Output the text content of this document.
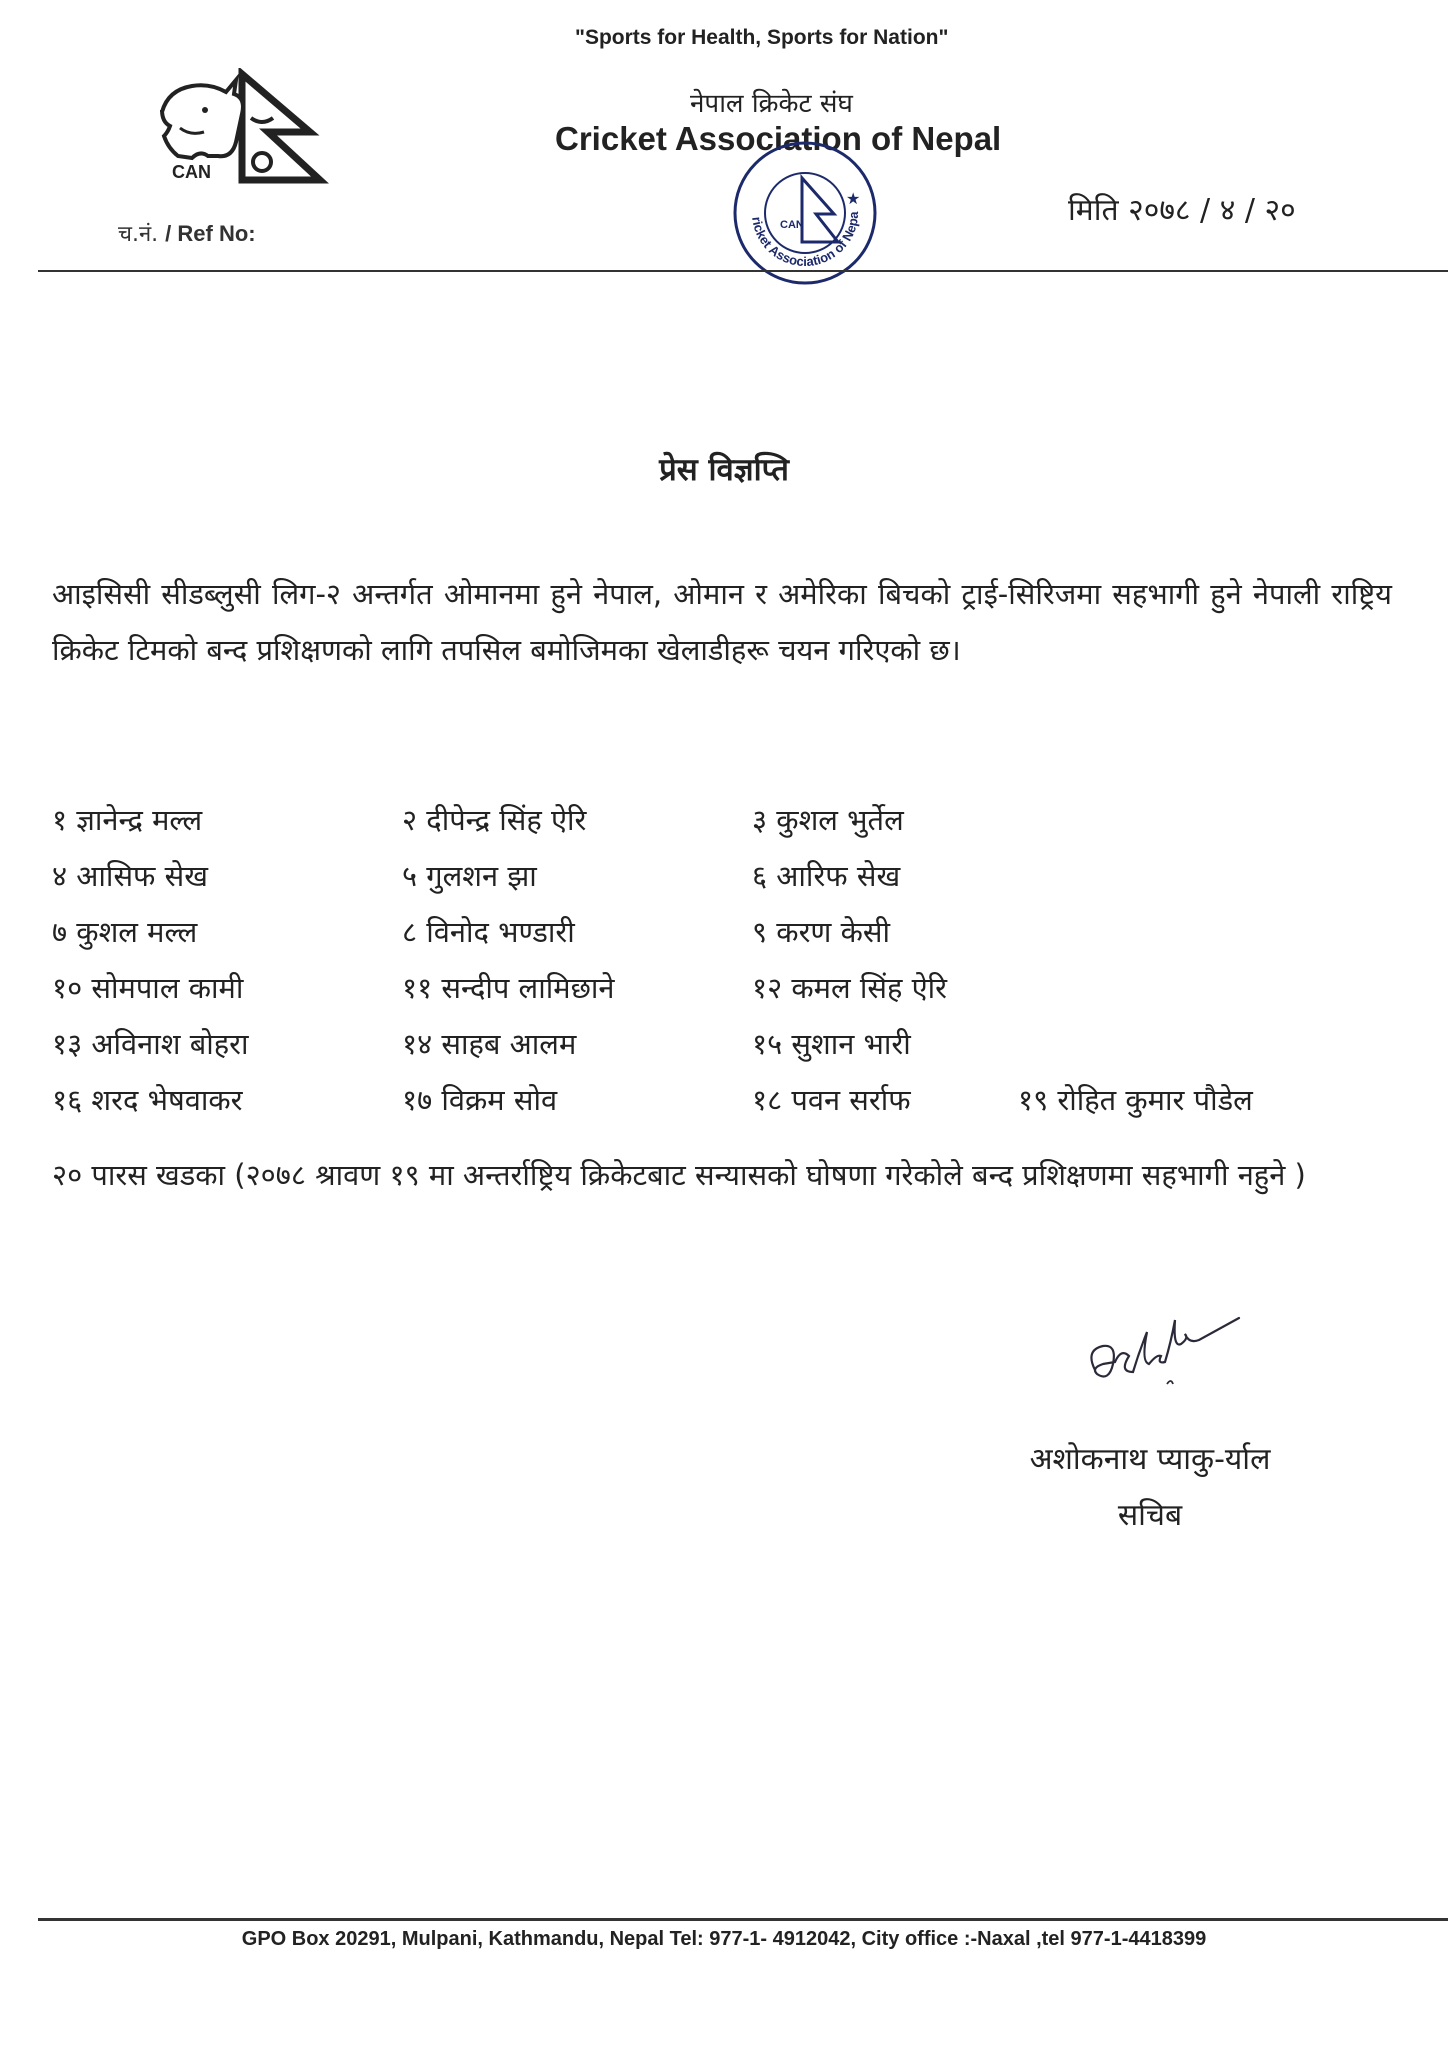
"Sports for Health, Sports for Nation"
CAN
नेपाल क्रिकेट संघ
Cricket Association of Nepal
ricket Association of Nepa
CAN
★
च.नं. / Ref No:
मिति २०७८ / ४ / २०
प्रेस विज्ञप्ति
आइसिसी सीडब्लुसी लिग-२ अन्तर्गत ओमानमा हुने नेपाल, ओमान र अमेरिका बिचको ट्राई-सिरिजमा सहभागी हुने नेपाली राष्ट्रिय क्रिकेट टिमको बन्द प्रशिक्षणको लागि तपसिल बमोजिमका खेलाडीहरू चयन गरिएको छ।
१ ज्ञानेन्द्र मल्ल	२ दीपेन्द्र सिंह ऐरि	३ कुशल भुर्तेल
४ आसिफ सेख	५ गुलशन झा	६ आरिफ सेख
७ कुशल मल्ल	८ विनोद भण्डारी	९ करण केसी
१० सोमपाल कामी	११ सन्दीप लामिछाने	१२ कमल सिंह ऐरि
१३ अविनाश बोहरा	१४ साहब आलम	१५ सुशान भारी
१६ शरद भेषवाकर	१७ विक्रम सोव	१८ पवन सर्राफ	१९ रोहित कुमार पौडेल
२० पारस खडका (२०७८ श्रावण १९ मा अन्तर्राष्ट्रिय क्रिकेटबाट सन्यासको घोषणा गरेकोले बन्द प्रशिक्षणमा सहभागी नहुने )
अशोकनाथ प्याकु-र्याल
सचिब
GPO Box 20291, Mulpani, Kathmandu, Nepal Tel: 977-1- 4912042, City office :-Naxal ,tel 977-1-4418399
